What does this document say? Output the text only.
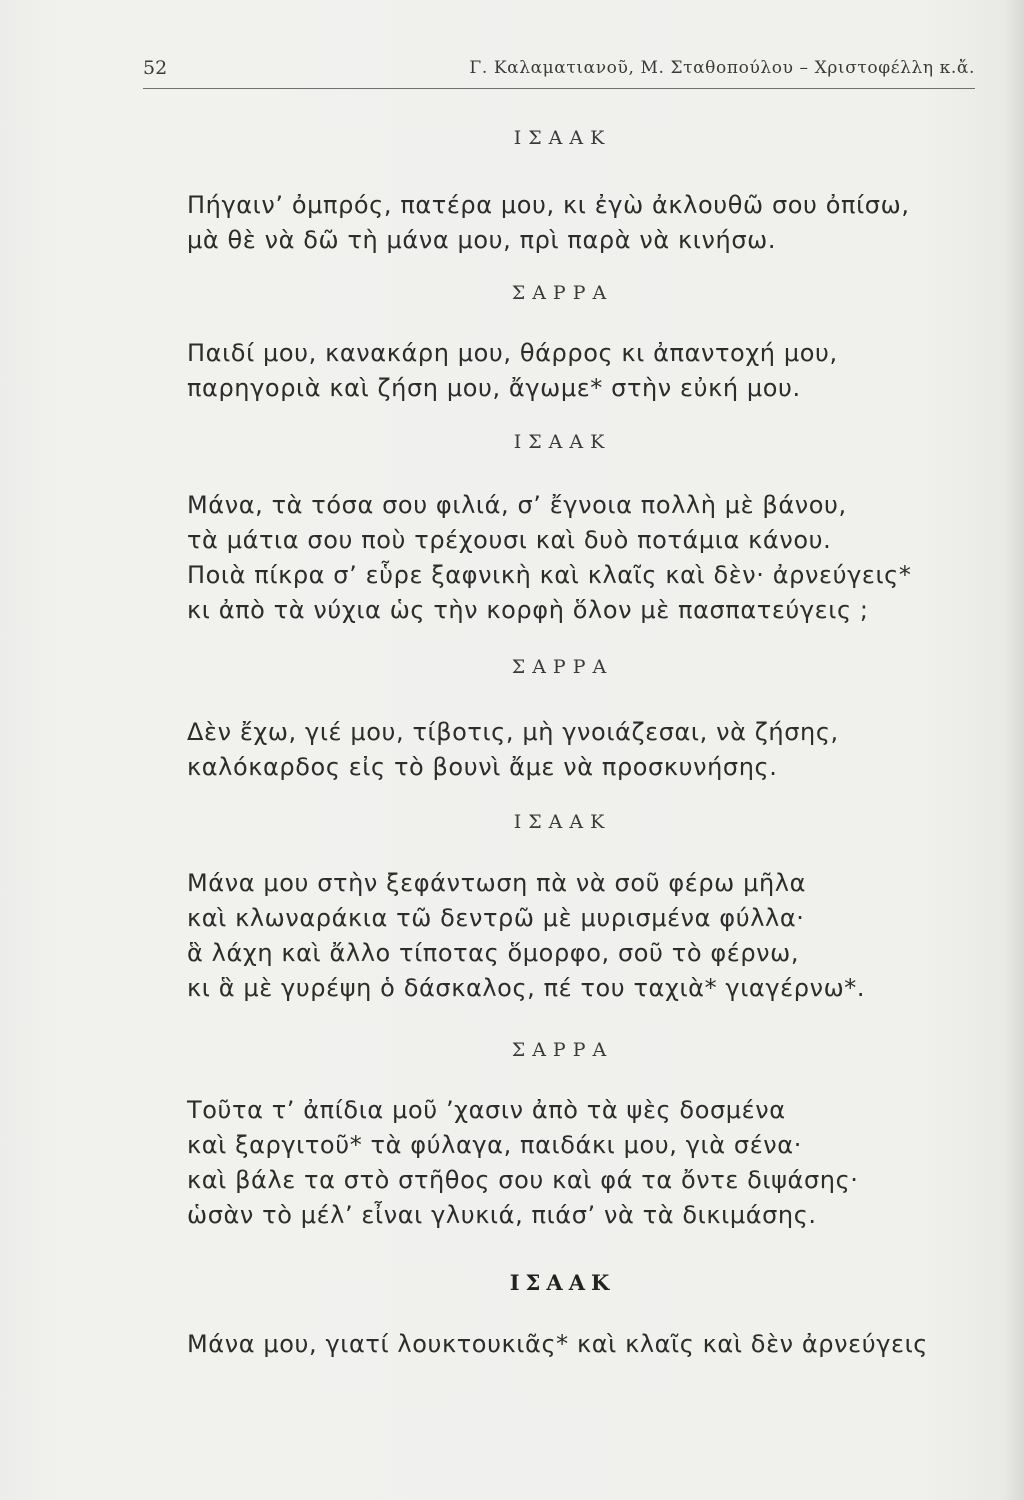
52	Γ. Καλαματιανοῦ, Μ. Σταθοπούλου – Χριστοφέλλη κ.ἄ.
ΙΣΑΑΚ
Πήγαιν’ ὀμπρός, πατέρα μου, κι ἐγὼ ἀκλουθῶ σου ὀπίσω,
μὰ θὲ νὰ δῶ τὴ μάνα μου, πρὶ παρὰ νὰ κινήσω.
ΣΑΡΡΑ
Παιδί μου, κανακάρη μου, θάρρος κι ἀπαντοχή μου,
παρηγοριὰ καὶ ζήση μου, ἄγωμε* στὴν εὐκή μου.
ΙΣΑΑΚ
Μάνα, τὰ τόσα σου φιλιά, σ’ ἔγνοια πολλὴ μὲ βάνου,
τὰ μάτια σου ποὺ τρέχουσι καὶ δυὸ ποτάμια κάνου.
Ποιὰ πίκρα σ’ εὗρε ξαφνικὴ καὶ κλαῖς καὶ δὲν· ἀρνεύγεις*
κι ἀπὸ τὰ νύχια ὡς τὴν κορφὴ ὅλον μὲ πασπατεύγεις ;
ΣΑΡΡΑ
Δὲν ἔχω, γιέ μου, τίβοτις, μὴ γνοιάζεσαι, νὰ ζήσης,
καλόκαρδος εἰς τὸ βουνὶ ἄμε νὰ προσκυνήσης.
ΙΣΑΑΚ
Μάνα μου στὴν ξεφάντωση πὰ νὰ σοῦ φέρω μῆλα
καὶ κλωναράκια τῶ δεντρῶ μὲ μυρισμένα φύλλα·
ἃ λάχη καὶ ἄλλο τίποτας ὅμορφο, σοῦ τὸ φέρνω,
κι ἃ μὲ γυρέψη ὁ δάσκαλος, πέ του ταχιὰ* γιαγέρνω*.
ΣΑΡΡΑ
Τοῦτα τ’ ἀπίδια μοῦ ’χασιν ἀπὸ τὰ ψὲς δοσμένα
καὶ ξαργιτοῦ* τὰ φύλαγα, παιδάκι μου, γιὰ σένα·
καὶ βάλε τα στὸ στῆθος σου καὶ φά τα ὄντε διψάσης·
ὡσὰν τὸ μέλ’ εἶναι γλυκιά, πιάσ’ νὰ τὰ δικιμάσης.
ΙΣΑΑΚ
Μάνα μου, γιατί λουκτουκιᾶς* καὶ κλαῖς καὶ δὲν ἀρνεύγεις
